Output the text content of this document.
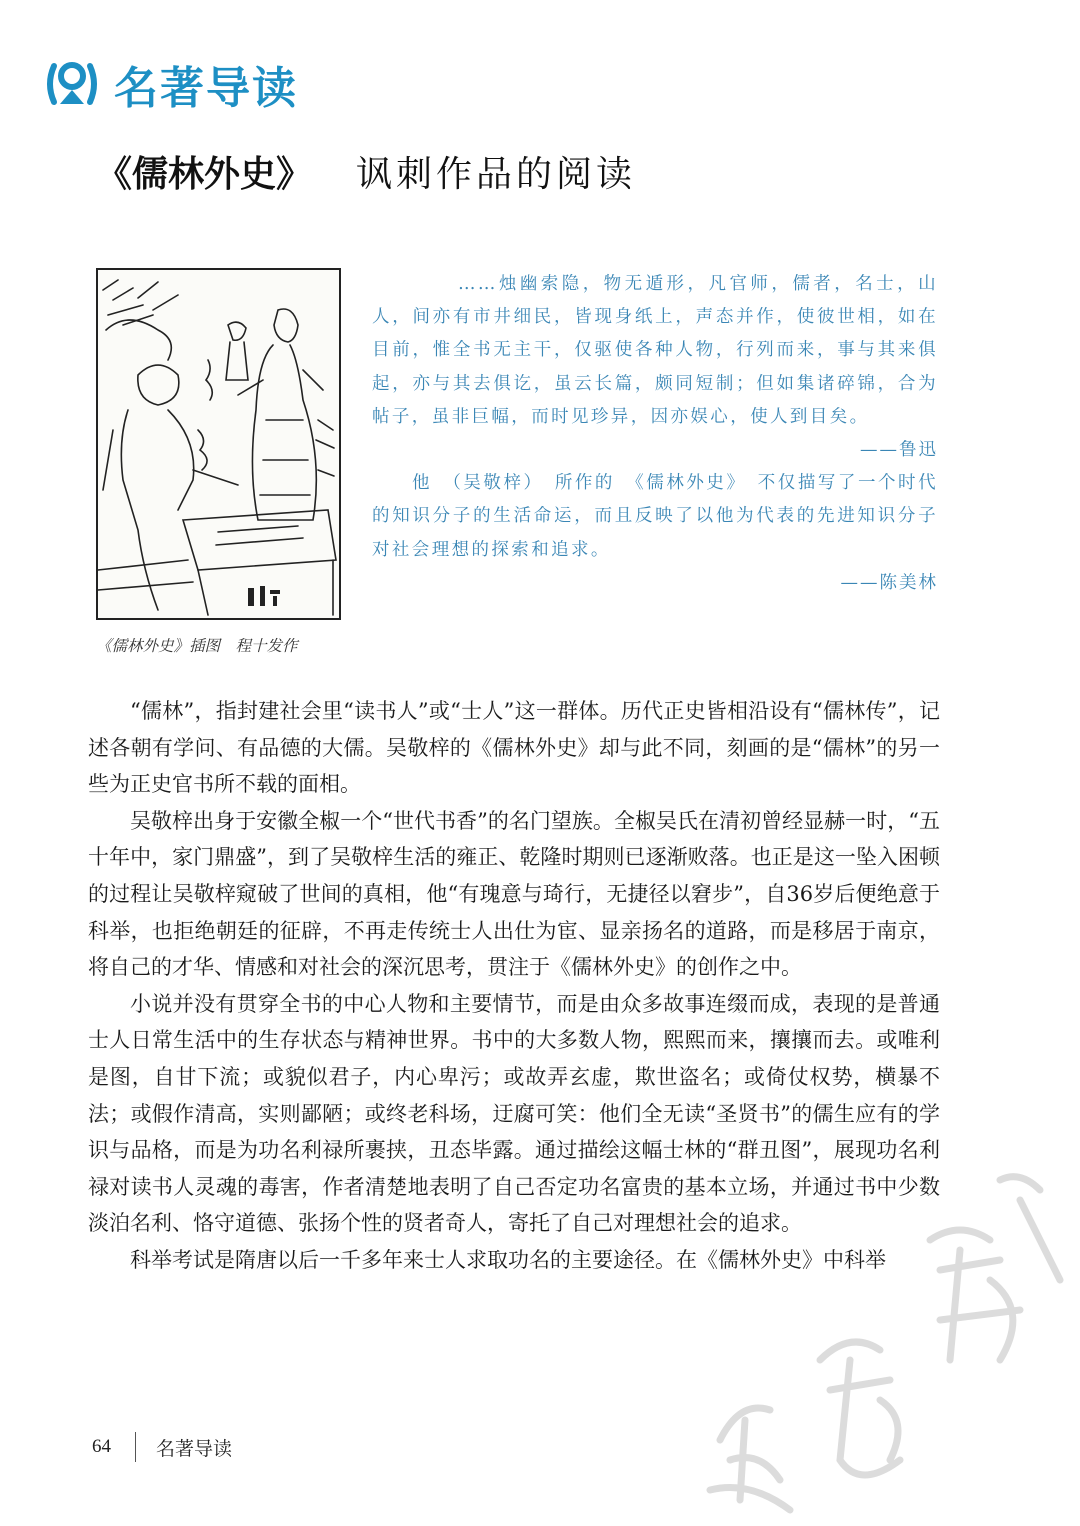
名著导读
《儒林外史》 讽刺作品的阅读
《儒林外史》插图　程十发作

……烛幽索隐，物无遁形，凡官师，儒者，名士，山人，间亦有市井细民，皆现身纸上，声态并作，使彼世相，如在目前，惟全书无主干，仅驱使各种人物，行列而来，事与其来俱起，亦与其去俱讫，虽云长篇，颇同短制；但如集诸碎锦，合为帖子，虽非巨幅，而时见珍异，因亦娱心，使人到目矣。

——鲁迅

他　（吴敬梓）　所作的　《儒林外史》　不仅描写了一个时代的知识分子的生活命运，而且反映了以他为代表的先进知识分子对社会理想的探索和追求。

——陈美林

“儒林”，指封建社会里“读书人”或“士人”这一群体。历代正史皆相沿设有“儒林传”，记述各朝有学问、有品德的大儒。吴敬梓的《儒林外史》却与此不同，刻画的是“儒林”的另一些为正史官书所不载的面相。

吴敬梓出身于安徽全椒一个“世代书香”的名门望族。全椒吴氏在清初曾经显赫一时，“五十年中，家门鼎盛”，到了吴敬梓生活的雍正、乾隆时期则已逐渐败落。也正是这一坠入困顿的过程让吴敬梓窥破了世间的真相，他“有瑰意与琦行，无捷径以窘步”，自36岁后便绝意于科举，也拒绝朝廷的征辟，不再走传统士人出仕为宦、显亲扬名的道路，而是移居于南京，将自己的才华、情感和对社会的深沉思考，贯注于《儒林外史》的创作之中。

小说并没有贯穿全书的中心人物和主要情节，而是由众多故事连缀而成，表现的是普通士人日常生活中的生存状态与精神世界。书中的大多数人物，熙熙而来，攘攘而去。或唯利是图，自甘下流；或貌似君子，内心卑污；或故弄玄虚，欺世盗名；或倚仗权势，横暴不法；或假作清高，实则鄙陋；或终老科场，迂腐可笑：他们全无读“圣贤书”的儒生应有的学识与品格，而是为功名利禄所裹挟，丑态毕露。通过描绘这幅士林的“群丑图”，展现功名利禄对读书人灵魂的毒害，作者清楚地表明了自己否定功名富贵的基本立场，并通过书中少数淡泊名利、恪守道德、张扬个性的贤者奇人，寄托了自己对理想社会的追求。

科举考试是隋唐以后一千多年来士人求取功名的主要途径。在《儒林外史》中科举

64 名著导读
